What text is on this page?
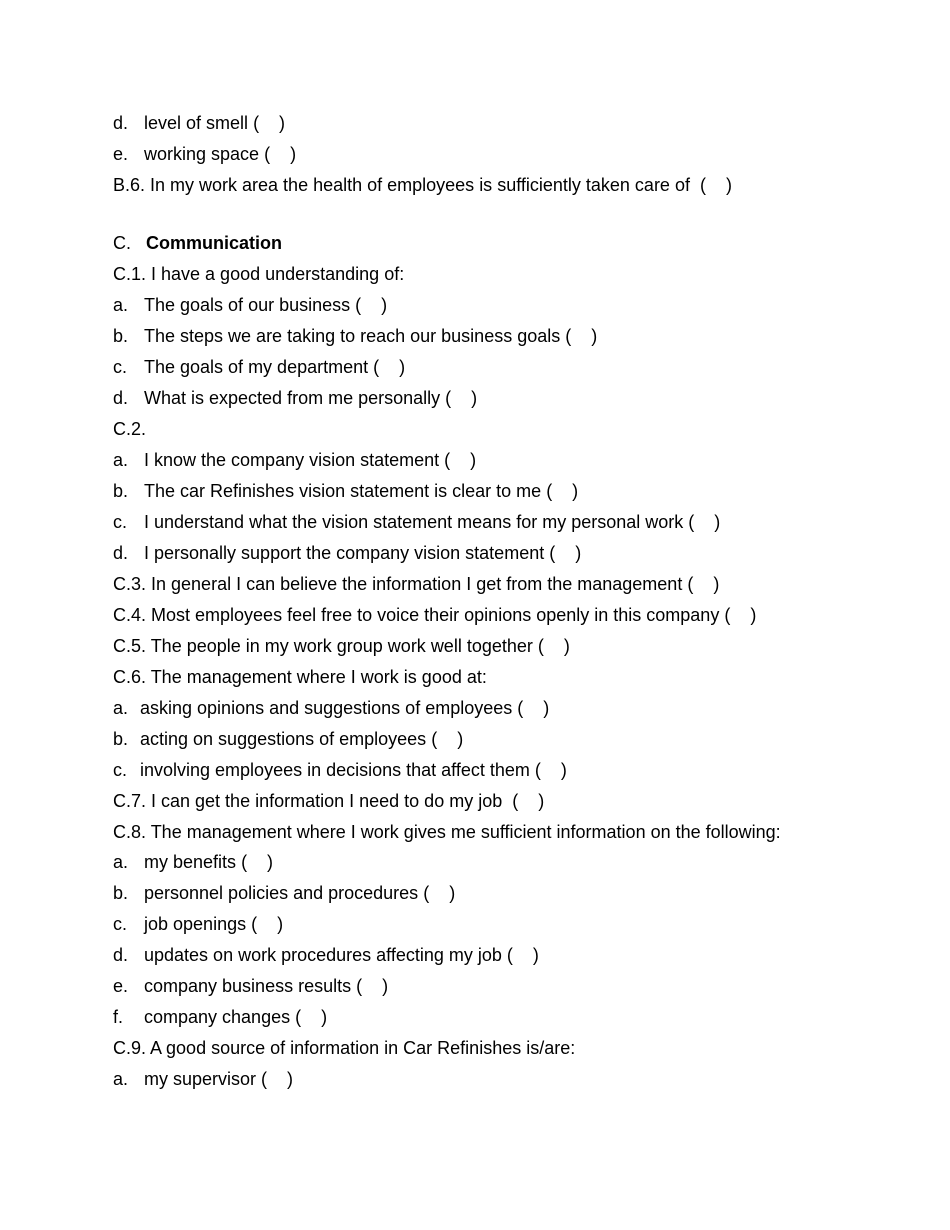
d. level of smell (    )
e. working space (    )
B.6. In my work area the health of employees is sufficiently taken care of  (    )
C. Communication
C.1. I have a good understanding of:
a. The goals of our business (    )
b. The steps we are taking to reach our business goals (    )
c. The goals of my department (    )
d. What is expected from me personally (    )
C.2.
a. I know the company vision statement (    )
b. The car Refinishes vision statement is clear to me (    )
c. I understand what the vision statement means for my personal work (    )
d. I personally support the company vision statement (    )
C.3. In general I can believe the information I get from the management (    )
C.4. Most employees feel free to voice their opinions openly in this company (    )
C.5. The people in my work group work well together (    )
C.6. The management where I work is good at:
a. asking opinions and suggestions of employees (    )
b. acting on suggestions of employees (    )
c. involving employees in decisions that affect them (    )
C.7. I can get the information I need to do my job  (    )
C.8. The management where I work gives me sufficient information on the following:
a. my benefits (    )
b. personnel policies and procedures (    )
c. job openings (    )
d. updates on work procedures affecting my job (    )
e. company business results (    )
f. company changes (    )
C.9. A good source of information in Car Refinishes is/are:
a. my supervisor (    )
